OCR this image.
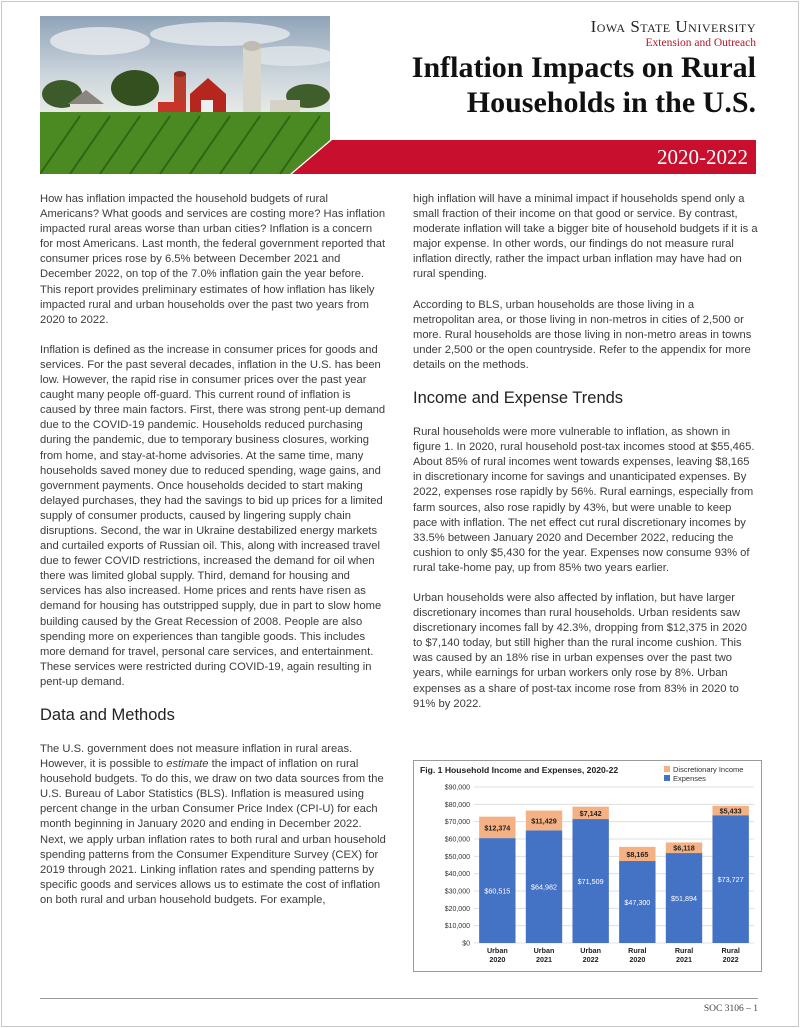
Iowa State University
Extension and Outreach
Inflation Impacts on Rural
Households in the U.S.
2020-2022

How has inflation impacted the household budgets of rural Americans? What goods and services are costing more? Has inflation impacted rural areas worse than urban cities? Inflation is a concern for most Americans. Last month, the federal government reported that consumer prices rose by 6.5% between December 2021 and December 2022, on top of the 7.0% inflation gain the year before. This report provides preliminary estimates of how inflation has likely impacted rural and urban households over the past two years from 2020 to 2022.

Inflation is defined as the increase in consumer prices for goods and services. For the past several decades, inflation in the U.S. has been low. However, the rapid rise in consumer prices over the past year caught many people off-guard. This current round of inflation is caused by three main factors. First, there was strong pent-up demand due to the COVID-19 pandemic. Households reduced purchasing during the pandemic, due to temporary business closures, working from home, and stay-at-home advisories. At the same time, many households saved money due to reduced spending, wage gains, and government payments. Once households decided to start making delayed purchases, they had the savings to bid up prices for a limited supply of consumer products, caused by lingering supply chain disruptions. Second, the war in Ukraine destabilized energy markets and curtailed exports of Russian oil. This, along with increased travel due to fewer COVID restrictions, increased the demand for oil when there was limited global supply. Third, demand for housing and services has also increased. Home prices and rents have risen as demand for housing has outstripped supply, due in part to slow home building caused by the Great Recession of 2008. People are also spending more on experiences than tangible goods. This includes more demand for travel, personal care services, and entertainment. These services were restricted during COVID-19, again resulting in pent-up demand.

Data and Methods

The U.S. government does not measure inflation in rural areas. However, it is possible to estimate the impact of inflation on rural household budgets. To do this, we draw on two data sources from the U.S. Bureau of Labor Statistics (BLS). Inflation is measured using percent change in the urban Consumer Price Index (CPI-U) for each month beginning in January 2020 and ending in December 2022. Next, we apply urban inflation rates to both rural and urban household spending patterns from the Consumer Expenditure Survey (CEX) for 2019 through 2021. Linking inflation rates and spending patterns by specific goods and services allows us to estimate the cost of inflation on both rural and urban household budgets. For example,

high inflation will have a minimal impact if households spend only a small fraction of their income on that good or service. By contrast, moderate inflation will take a bigger bite of household budgets if it is a major expense. In other words, our findings do not measure rural inflation directly, rather the impact urban inflation may have had on rural spending.

According to BLS, urban households are those living in a metropolitan area, or those living in non-metros in cities of 2,500 or more. Rural households are those living in non-metro areas in towns under 2,500 or the open countryside. Refer to the appendix for more details on the methods.

Income and Expense Trends

Rural households were more vulnerable to inflation, as shown in figure 1. In 2020, rural household post-tax incomes stood at $55,465. About 85% of rural incomes went towards expenses, leaving $8,165 in discretionary income for savings and unanticipated expenses. By 2022, expenses rose rapidly by 56%. Rural earnings, especially from farm sources, also rose rapidly by 43%, but were unable to keep pace with inflation. The net effect cut rural discretionary incomes by 33.5% between January 2020 and December 2022, reducing the cushion to only $5,430 for the year. Expenses now consume 93% of rural take-home pay, up from 85% two years earlier.

Urban households were also affected by inflation, but have larger discretionary incomes than rural households. Urban residents saw discretionary incomes fall by 42.3%, dropping from $12,375 in 2020 to $7,140 today, but still higher than the rural income cushion. This was caused by an 18% rise in urban expenses over the past two years, while earnings for urban workers only rose by 8%. Urban expenses as a share of post-tax income rose from 83% in 2020 to 91% by 2022.

Fig. 1 Household Income and Expenses, 2020-22	Discretionary Income
Expenses
$0
$10,000
$20,000
$30,000
$40,000
$50,000
$60,000
$70,000
$80,000
$90,000
$60,515
$12,374
Urban
2020
$64,982
$11,429
Urban
2021
$71,509
$7,142
Urban
2022
$47,300
$8,165
Rural
2020
$51,894
$6,118
Rural
2021
$73,727
$5,433
Rural
2022
SOC 3106 – 1
